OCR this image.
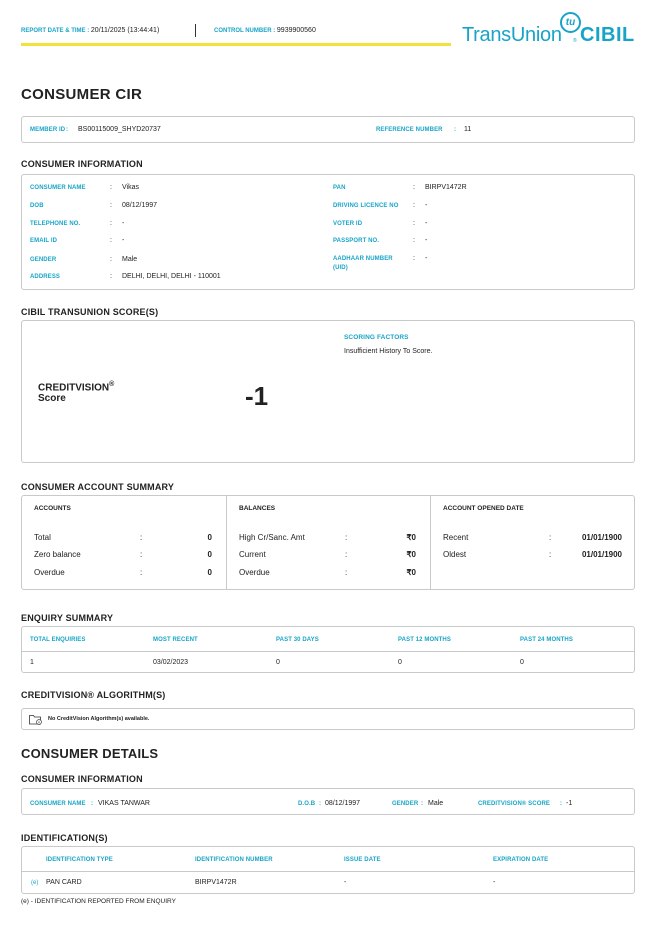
REPORT DATE & TIME : 20/11/2025 (13:44:41)	CONTROL NUMBER : 9939900560	TransUnion
tu
® CIBIL
CONSUMER CIR
MEMBER ID : BS00115009_SHYD20737	REFERENCE NUMBER : 11
CONSUMER INFORMATION
CONSUMER NAME	: Vikas
DOB	: 08/12/1997
TELEPHONE NO.	: -
EMAIL ID	: -
GENDER	: Male
ADDRESS	: DELHI, DELHI, DELHI - 110001
PAN	: BIRPV1472R
DRIVING LICENCE NO : -
VOTER ID	: -
PASSPORT NO.	: -
AADHAAR NUMBER
(UID)
: -
CIBIL TRANSUNION SCORE(S)
CREDITVISION®
Score	-1
SCORING FACTORS
Insufficient History To Score.
CONSUMER ACCOUNT SUMMARY
ACCOUNTS
Total	:	0
Zero balance	:	0
Overdue	:	0
BALANCES
High Cr/Sanc. Amt	:	₹0
Current	:	₹0
Overdue	:	₹0
ACCOUNT OPENED DATE
Recent	:	01/01/1900
Oldest	:	01/01/1900
ENQUIRY SUMMARY
TOTAL ENQUIRIES	MOST RECENT	PAST 30 DAYS	PAST 12 MONTHS	PAST 24 MONTHS
1	03/02/2023	0	0	0
CREDITVISION® ALGORITHM(S)
No CreditVision Algorithm(s) available.
CONSUMER DETAILS
CONSUMER INFORMATION
CONSUMER NAME : VIKAS TANWAR	D.O.B : 08/12/1997	GENDER : Male	CREDITVISION® SCORE : -1
IDENTIFICATION(S)
IDENTIFICATION TYPE	IDENTIFICATION NUMBER	ISSUE DATE	EXPIRATION DATE
(e) PAN CARD	BIRPV1472R	-	-
(e) - IDENTIFICATION REPORTED FROM ENQUIRY
